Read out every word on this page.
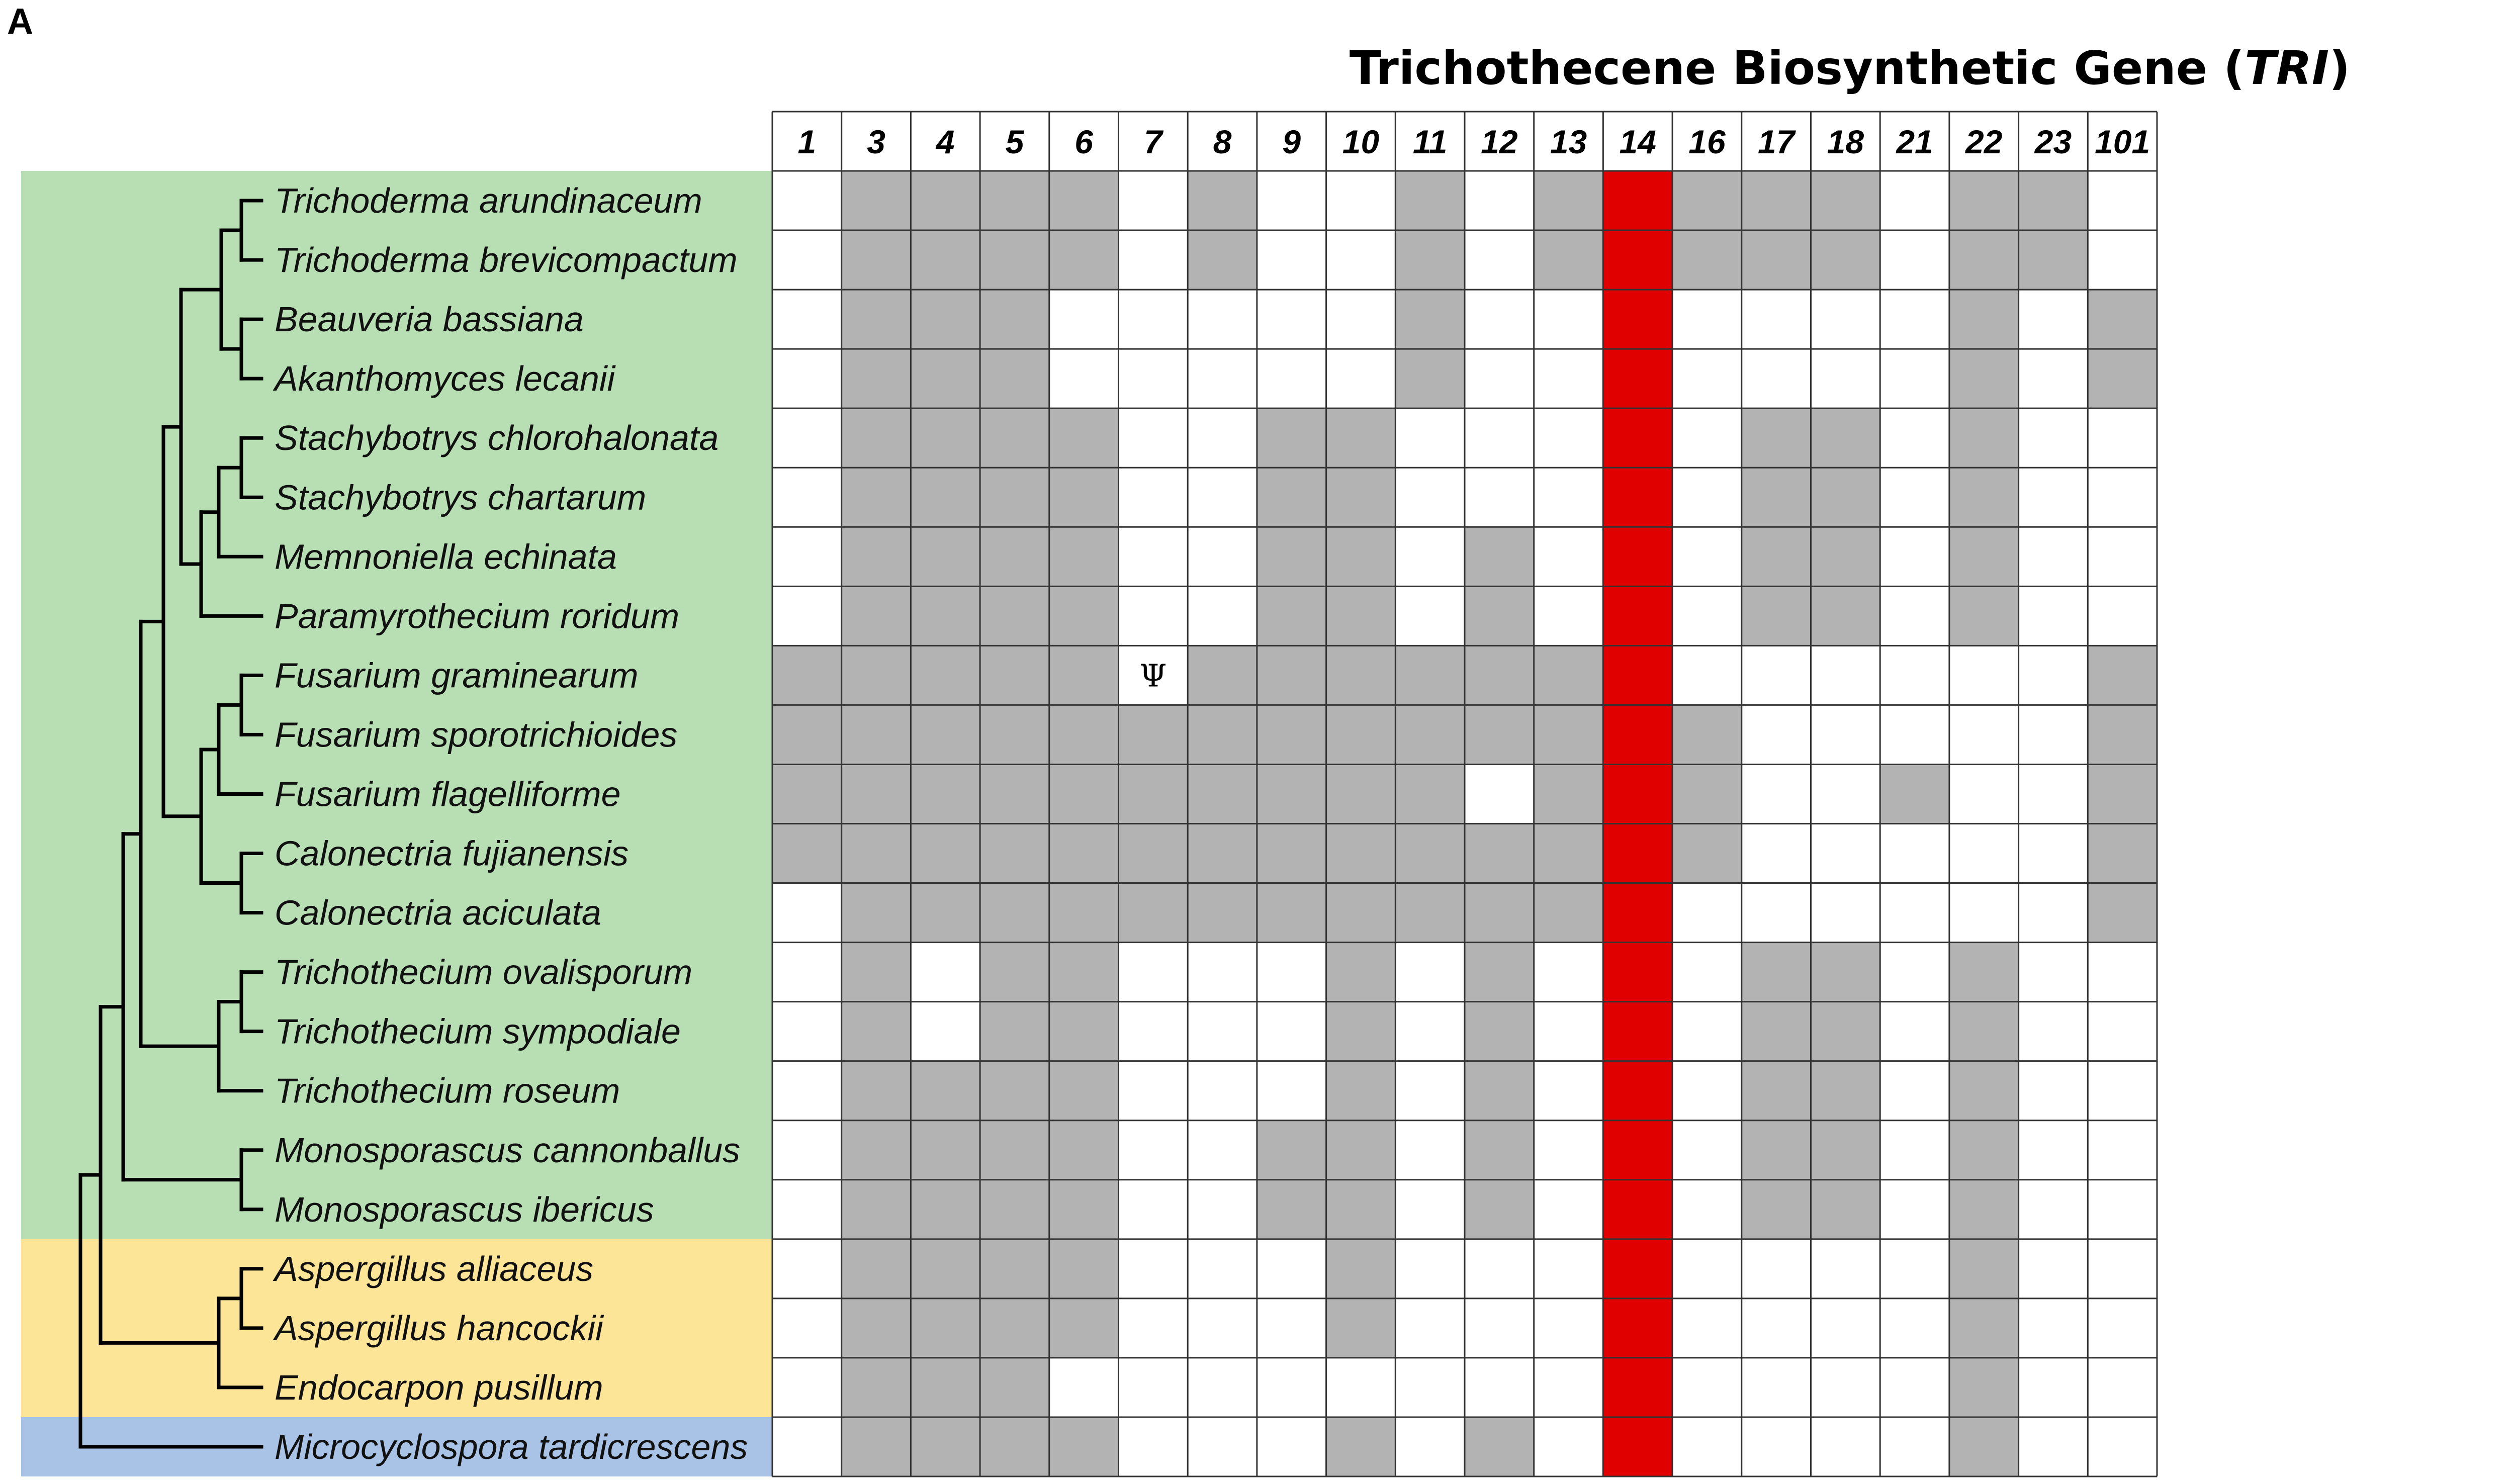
A
Trichothecene Biosynthetic Gene (TRI)
Trichoderma arundinaceum
Trichoderma brevicompactum
Beauveria bassiana
Akanthomyces lecanii
Stachybotrys chlorohalonata
Stachybotrys chartarum
Memnoniella echinata
Paramyrothecium roridum
Fusarium graminearum
Fusarium sporotrichioides
Fusarium flagelliforme
Calonectria fujianensis
Calonectria aciculata
Trichothecium ovalisporum
Trichothecium sympodiale
Trichothecium roseum
Monosporascus cannonballus
Monosporascus ibericus
Aspergillus alliaceus
Aspergillus hancockii
Endocarpon pusillum
Microcyclospora tardicrescens
1 3 4 5 6 7 8 9 10 11 12 13 14 16 17 18 21 22 23 101
Ψ
